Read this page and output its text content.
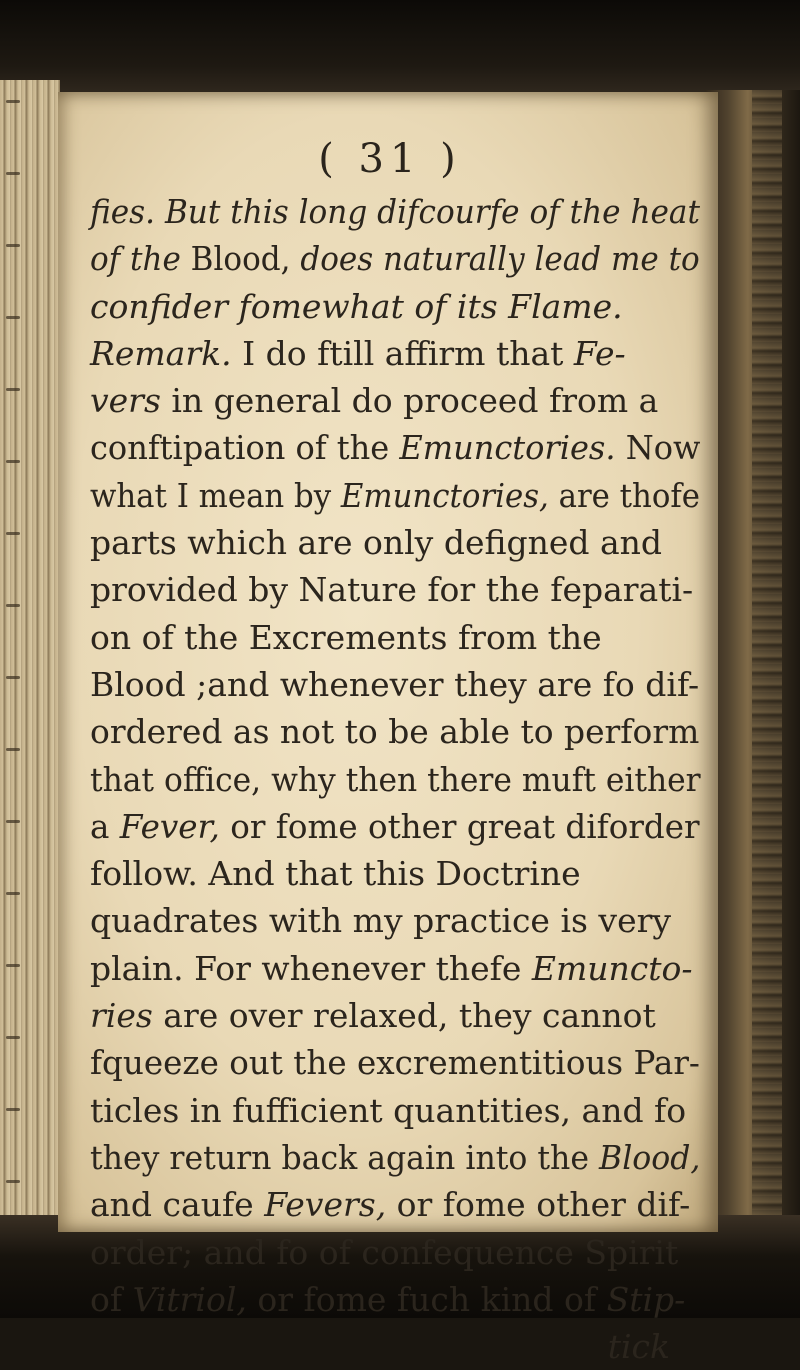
( 31 )
fies. But this long difcourfe of the heat
of the Blood, does naturally lead me to
confider fomewhat of its Flame.
Remark. I do ftill affirm that Fe-
vers in general do proceed from a
conftipation of the Emunctories. Now
what I mean by Emunctories, are thofe
parts which are only defigned and
provided by Nature for the feparati-
on of the Excrements from the
Blood ;and whenever they are fo dif-
ordered as not to be able to perform
that office, why then there muft either
a Fever, or fome other great diforder
follow. And that this Doctrine
quadrates with my practice is very
plain. For whenever thefe Emuncto-
ries are over relaxed, they cannot
fqueeze out the excrementitious Par-
ticles in fufficient quantities, and fo
they return back again into the Blood,
and caufe Fevers, or fome other dif-
order; and fo of confequence Spirit
of Vitriol, or fome fuch kind of Stip-
tick
